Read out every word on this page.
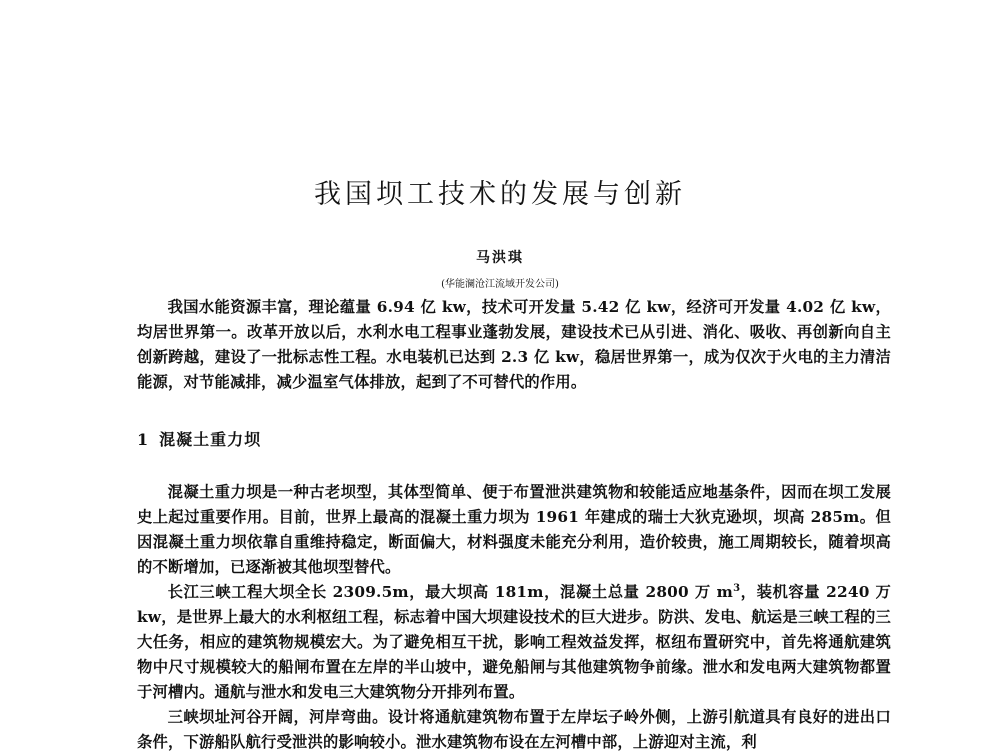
我国坝工技术的发展与创新

马洪琪

(华能澜沧江流域开发公司)

我国水能资源丰富，理论蕴量 6.94 亿 kw，技术可开发量 5.42 亿 kw，经济可开发量 4.02 亿 kw，均居世界第一。改革开放以后，水利水电工程事业蓬勃发展，建设技术已从引进、消化、吸收、再创新向自主创新跨越，建设了一批标志性工程。水电装机已达到 2.3 亿 kw，稳居世界第一，成为仅次于火电的主力清洁能源，对节能减排，减少温室气体排放，起到了不可替代的作用。

1 混凝土重力坝

混凝土重力坝是一种古老坝型，其体型简单、便于布置泄洪建筑物和较能适应地基条件，因而在坝工发展史上起过重要作用。目前，世界上最高的混凝土重力坝为 1961 年建成的瑞士大狄克逊坝，坝高 285m。但因混凝土重力坝依靠自重维持稳定，断面偏大，材料强度未能充分利用，造价较贵，施工周期较长，随着坝高的不断增加，已逐渐被其他坝型替代。

长江三峡工程大坝全长 2309.5m，最大坝高 181m，混凝土总量 2800 万 $m^3$，装机容量 2240 万 kw，是世界上最大的水利枢纽工程，标志着中国大坝建设技术的巨大进步。防洪、发电、航运是三峡工程的三大任务，相应的建筑物规模宏大。为了避免相互干扰，影响工程效益发挥，枢纽布置研究中，首先将通航建筑物中尺寸规模较大的船闸布置在左岸的半山坡中，避免船闸与其他建筑物争前缘。泄水和发电两大建筑物都置于河槽内。通航与泄水和发电三大建筑物分开排列布置。

三峡坝址河谷开阔，河岸弯曲。设计将通航建筑物布置于左岸坛子岭外侧，上游引航道具有良好的进出口条件，下游船队航行受泄洪的影响较小。泄水建筑物布设在左河槽中部，上游迎对主流，利
